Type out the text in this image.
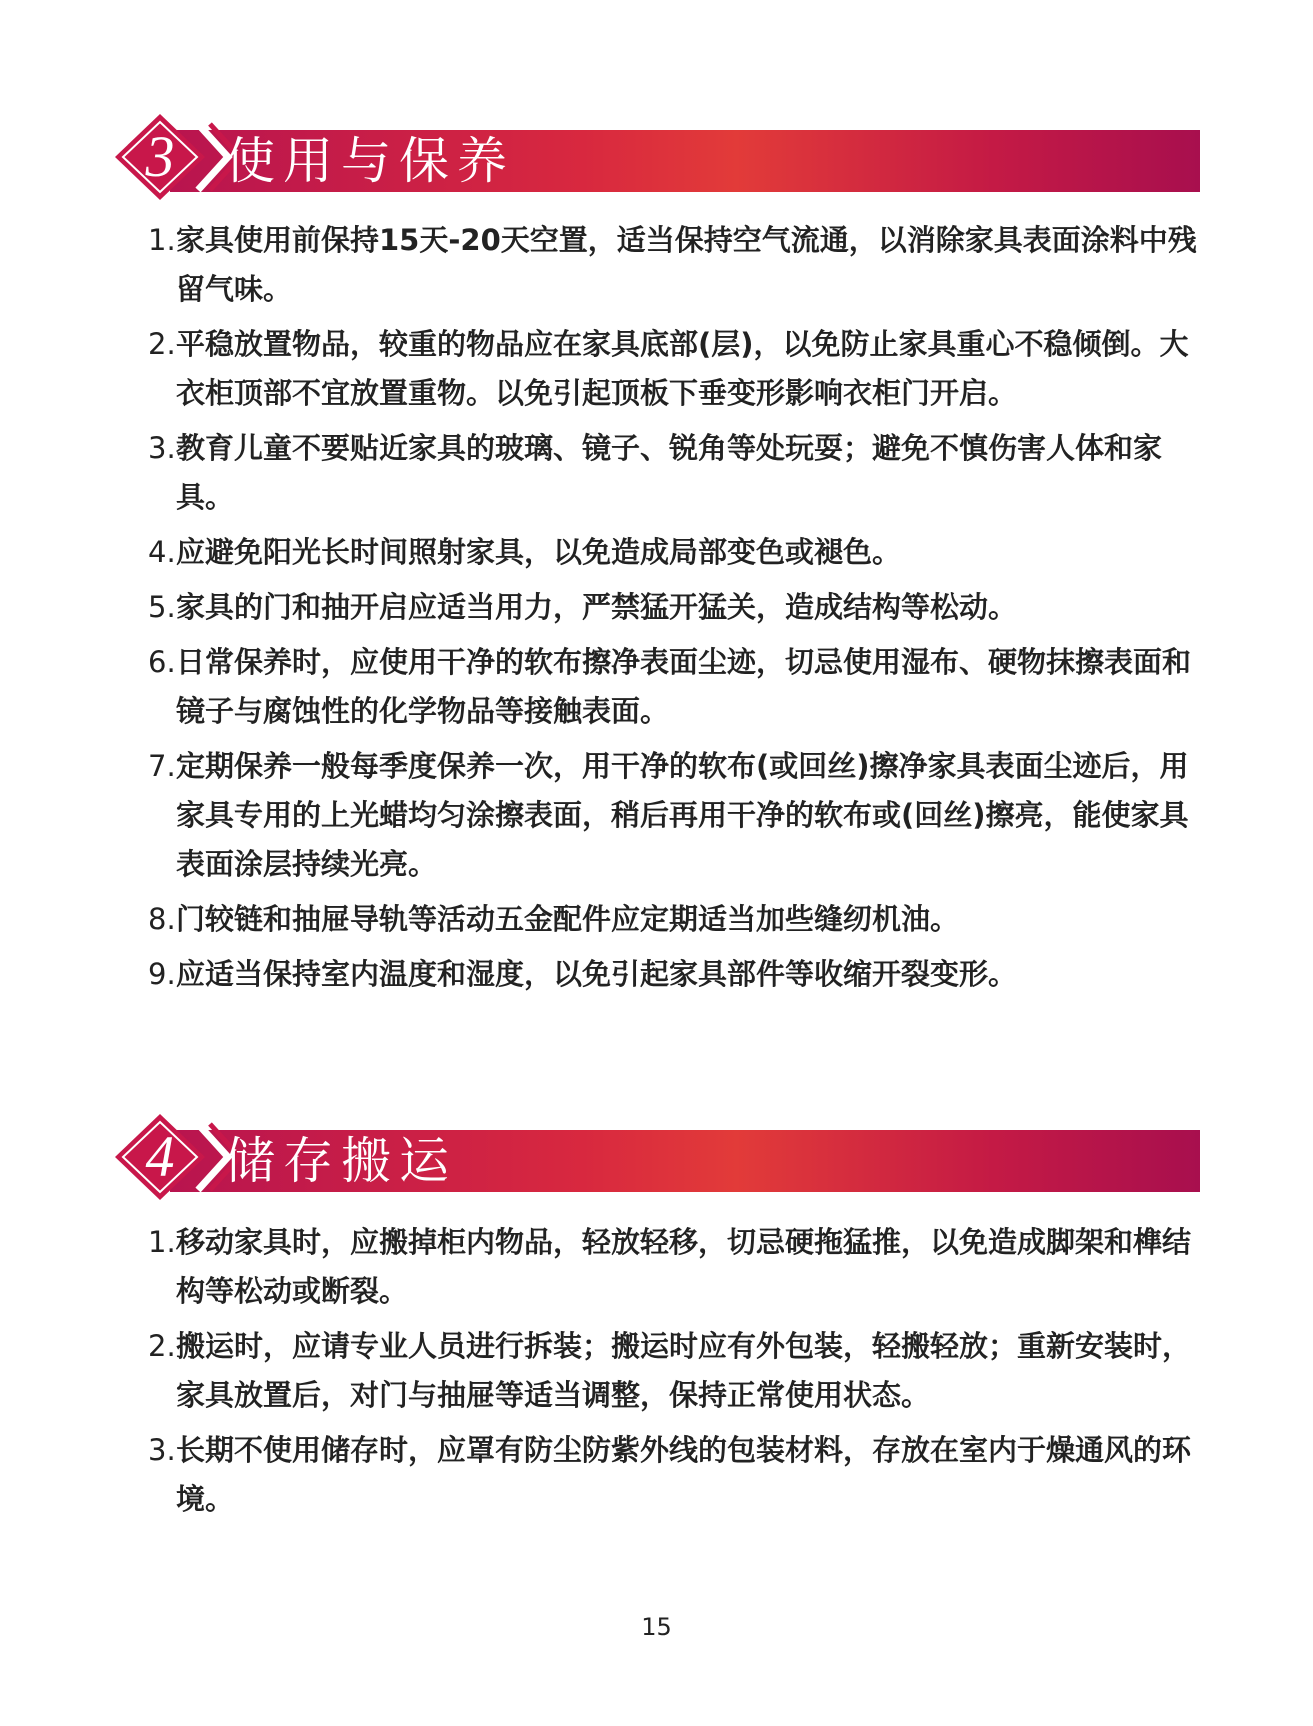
3 使用与保养
1. 家具使用前保持15天-20天空置，适当保持空气流通，以消除家具表面涂料中残留气味。
2. 平稳放置物品，较重的物品应在家具底部(层)，以免防止家具重心不稳倾倒。大衣柜顶部不宜放置重物。以免引起顶板下垂变形影响衣柜门开启。
3. 教育儿童不要贴近家具的玻璃、镜子、锐角等处玩耍；避免不慎伤害人体和家具。
4. 应避免阳光长时间照射家具，以免造成局部变色或褪色。
5. 家具的门和抽开启应适当用力，严禁猛开猛关，造成结构等松动。
6. 日常保养时，应使用干净的软布擦净表面尘迹，切忌使用湿布、硬物抹擦表面和镜子与腐蚀性的化学物品等接触表面。
7. 定期保养一般每季度保养一次，用干净的软布(或回丝)擦净家具表面尘迹后，用家具专用的上光蜡均匀涂擦表面，稍后再用干净的软布或(回丝)擦亮，能使家具表面涂层持续光亮。
8. 门较链和抽屉导轨等活动五金配件应定期适当加些缝纫机油。
9. 应适当保持室内温度和湿度，以免引起家具部件等收缩开裂变形。
4 储存搬运
1. 移动家具时，应搬掉柜内物品，轻放轻移，切忌硬拖猛推，以免造成脚架和榫结构等松动或断裂。
2. 搬运时，应请专业人员进行拆装；搬运时应有外包装，轻搬轻放；重新安装时，家具放置后，对门与抽屉等适当调整，保持正常使用状态。
3. 长期不使用储存时，应罩有防尘防紫外线的包装材料，存放在室内于燥通风的环境。
15
